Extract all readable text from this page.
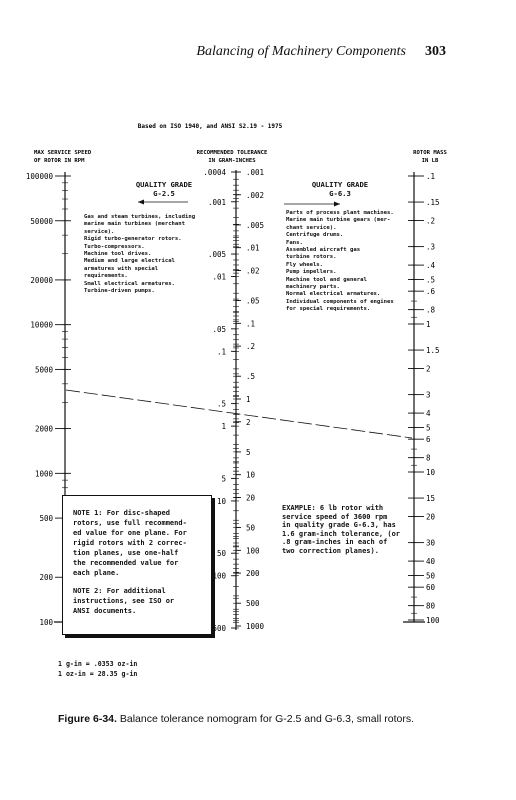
Balancing of Machinery Components 303
Based on ISO 1940, and ANSI S2.19 - 1975
MAX SERVICE SPEED
OF ROTOR IN RPM
RECOMMENDED TOLERANCE
IN GRAM-INCHES
ROTOR MASS
IN LB
100000
50000
20000
10000
5000
2000
1000
500
200
100
.1
.15
.2
.3
.4
.5
.6
.8
1
1.5
2
3
4
5
6
8
10
15
20
30
40
50
60
80
100
.0004
.001
.005
.01
.05
.1
.5
1
5
10
50
100
500
.001
.002
.005
.01
.02
.05
.1
.2
.5
1
2
5
10
20
50
100
200
500
1000
QUALITY GRADE
G-2.5
Gas and steam turbines, including
marine main turbines (merchant
service).
Rigid turbo-generator rotors.
Turbo-compressors.
Machine tool drives.
Medium and large electrical
armatures with special requirements.
Small electrical armatures.
Turbine-driven pumps.
QUALITY GRADE
G-6.3
Parts of process plant machines.
Marine main turbine gears (mer-
chant service).
Centrifuge drums.
Fans.
Assembled aircraft gas
turbine rotors.
Fly wheels.
Pump impellers.
Machine tool and general
machinery parts.
Normal electrical armatures.
Individual components of engines
for special requirements.
NOTE 1: For disc-shaped
rotors, use full recommend-
ed value for one plane. For
rigid rotors with 2 correc-
tion planes, use one-half
the recommended value for
each plane.
NOTE 2: For additional
instructions, see ISO or
ANSI documents.
EXAMPLE: 6 lb rotor with
service speed of 3600 rpm
in quality grade G-6.3, has
1.6 gram-inch tolerance, (or
.8 gram-inches in each of
two correction planes).
1 g-in = .0353 oz-in
1 oz-in = 28.35 g-in
Figure 6-34. Balance tolerance nomogram for G-2.5 and G-6.3, small rotors.
